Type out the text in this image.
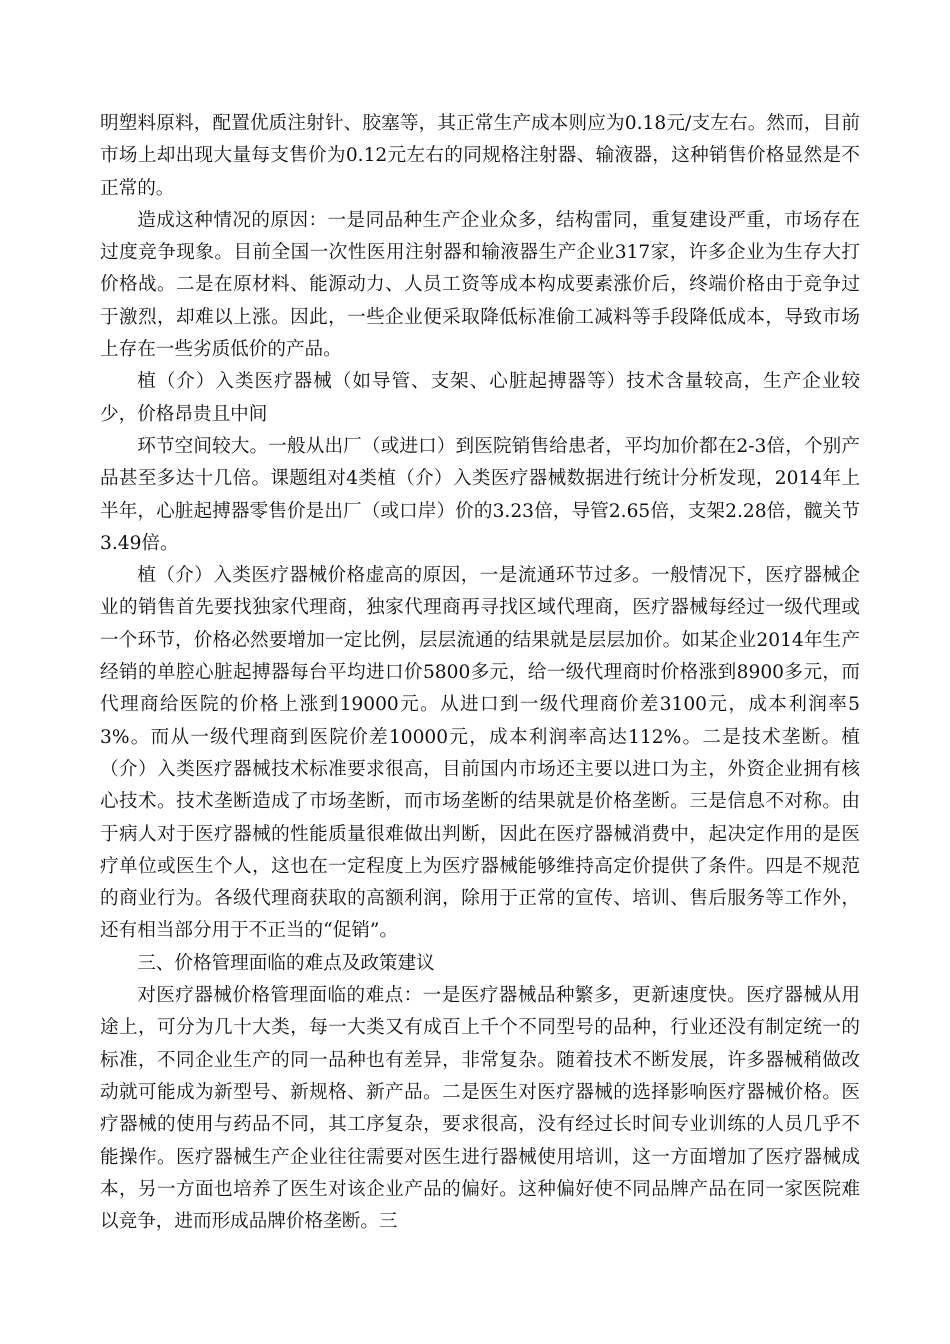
明塑料原料，配置优质注射针、胶塞等，其正常生产成本则应为0.18元/支左右。然而，目前市场上却出现大量每支售价为0.12元左右的同规格注射器、输液器，这种销售价格显然是不正常的。

造成这种情况的原因：一是同品种生产企业众多，结构雷同，重复建设严重，市场存在过度竞争现象。目前全国一次性医用注射器和输液器生产企业317家，许多企业为生存大打价格战。二是在原材料、能源动力、人员工资等成本构成要素涨价后，终端价格由于竞争过于激烈，却难以上涨。因此，一些企业便采取降低标准偷工减料等手段降低成本，导致市场上存在一些劣质低价的产品。

植（介）入类医疗器械（如导管、支架、心脏起搏器等）技术含量较高，生产企业较少，价格昂贵且中间

环节空间较大。一般从出厂（或进口）到医院销售给患者，平均加价都在2-3倍，个别产品甚至多达十几倍。课题组对4类植（介）入类医疗器械数据进行统计分析发现，2014年上半年，心脏起搏器零售价是出厂（或口岸）价的3.23倍，导管2.65倍，支架2.28倍，髋关节3.49倍。

植（介）入类医疗器械价格虚高的原因，一是流通环节过多。一般情况下，医疗器械企业的销售首先要找独家代理商，独家代理商再寻找区域代理商，医疗器械每经过一级代理或一个环节，价格必然要增加一定比例，层层流通的结果就是层层加价。如某企业2014年生产经销的单腔心脏起搏器每台平均进口价5800多元，给一级代理商时价格涨到8900多元，而代理商给医院的价格上涨到19000元。从进口到一级代理商价差3100元，成本利润率53%。而从一级代理商到医院价差10000元，成本利润率高达112%。二是技术垄断。植（介）入类医疗器械技术标准要求很高，目前国内市场还主要以进口为主，外资企业拥有核心技术。技术垄断造成了市场垄断，而市场垄断的结果就是价格垄断。三是信息不对称。由于病人对于医疗器械的性能质量很难做出判断，因此在医疗器械消费中，起决定作用的是医疗单位或医生个人，这也在一定程度上为医疗器械能够维持高定价提供了条件。四是不规范的商业行为。各级代理商获取的高额利润，除用于正常的宣传、培训、售后服务等工作外，还有相当部分用于不正当的“促销”。

三、价格管理面临的难点及政策建议

对医疗器械价格管理面临的难点：一是医疗器械品种繁多，更新速度快。医疗器械从用途上，可分为几十大类，每一大类又有成百上千个不同型号的品种，行业还没有制定统一的标准，不同企业生产的同一品种也有差异，非常复杂。随着技术不断发展，许多器械稍做改动就可能成为新型号、新规格、新产品。二是医生对医疗器械的选择影响医疗器械价格。医疗器械的使用与药品不同，其工序复杂，要求很高，没有经过长时间专业训练的人员几乎不能操作。医疗器械生产企业往往需要对医生进行器械使用培训，这一方面增加了医疗器械成本，另一方面也培养了医生对该企业产品的偏好。这种偏好使不同品牌产品在同一家医院难以竞争，进而形成品牌价格垄断。三
